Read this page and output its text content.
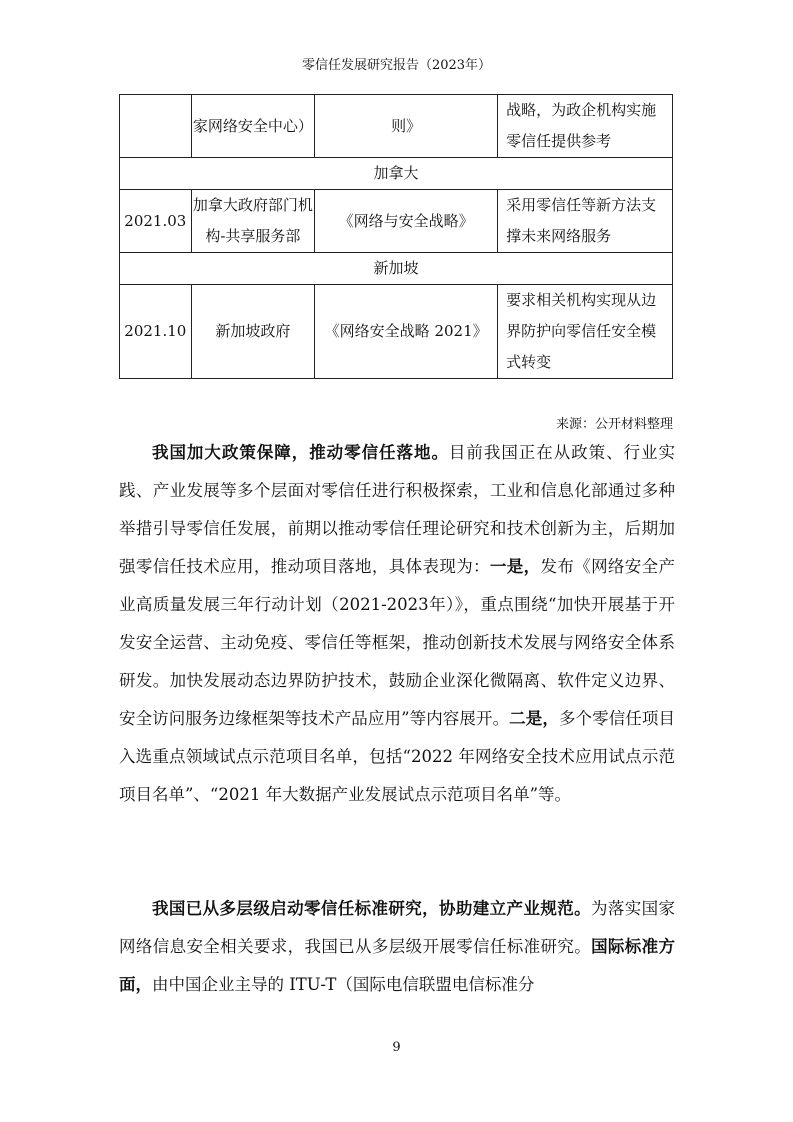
零信任发展研究报告（2023年）
	家网络安全中心）	则》	战略，为政企机构实施零信任提供参考
加拿大			
2021.03	加拿大政府部门机构-共享服务部	《网络与安全战略》	采用零信任等新方法支撑未来网络服务
新加坡			
2021.10	新加坡政府	《网络安全战略 2021》	要求相关机构实现从边界防护向零信任安全模式转变
来源：公开材料整理

我国加大政策保障，推动零信任落地。目前我国正在从政策、行业实践、产业发展等多个层面对零信任进行积极探索，工业和信息化部通过多种举措引导零信任发展，前期以推动零信任理论研究和技术创新为主，后期加强零信任技术应用，推动项目落地，具体表现为：一是，发布《网络安全产业高质量发展三年行动计划（2021-2023年）》，重点围绕“加快开展基于开发安全运营、主动免疫、零信任等框架，推动创新技术发展与网络安全体系研发。加快发展动态边界防护技术，鼓励企业深化微隔离、软件定义边界、安全访问服务边缘框架等技术产品应用”等内容展开。二是，多个零信任项目入选重点领域试点示范项目名单，包括“2022 年网络安全技术应用试点示范项目名单”、“2021 年大数据产业发展试点示范项目名单”等。

我国已从多层级启动零信任标准研究，协助建立产业规范。为落实国家网络信息安全相关要求，我国已从多层级开展零信任标准研究。国际标准方面，由中国企业主导的 ITU-T（国际电信联盟电信标准分

9
